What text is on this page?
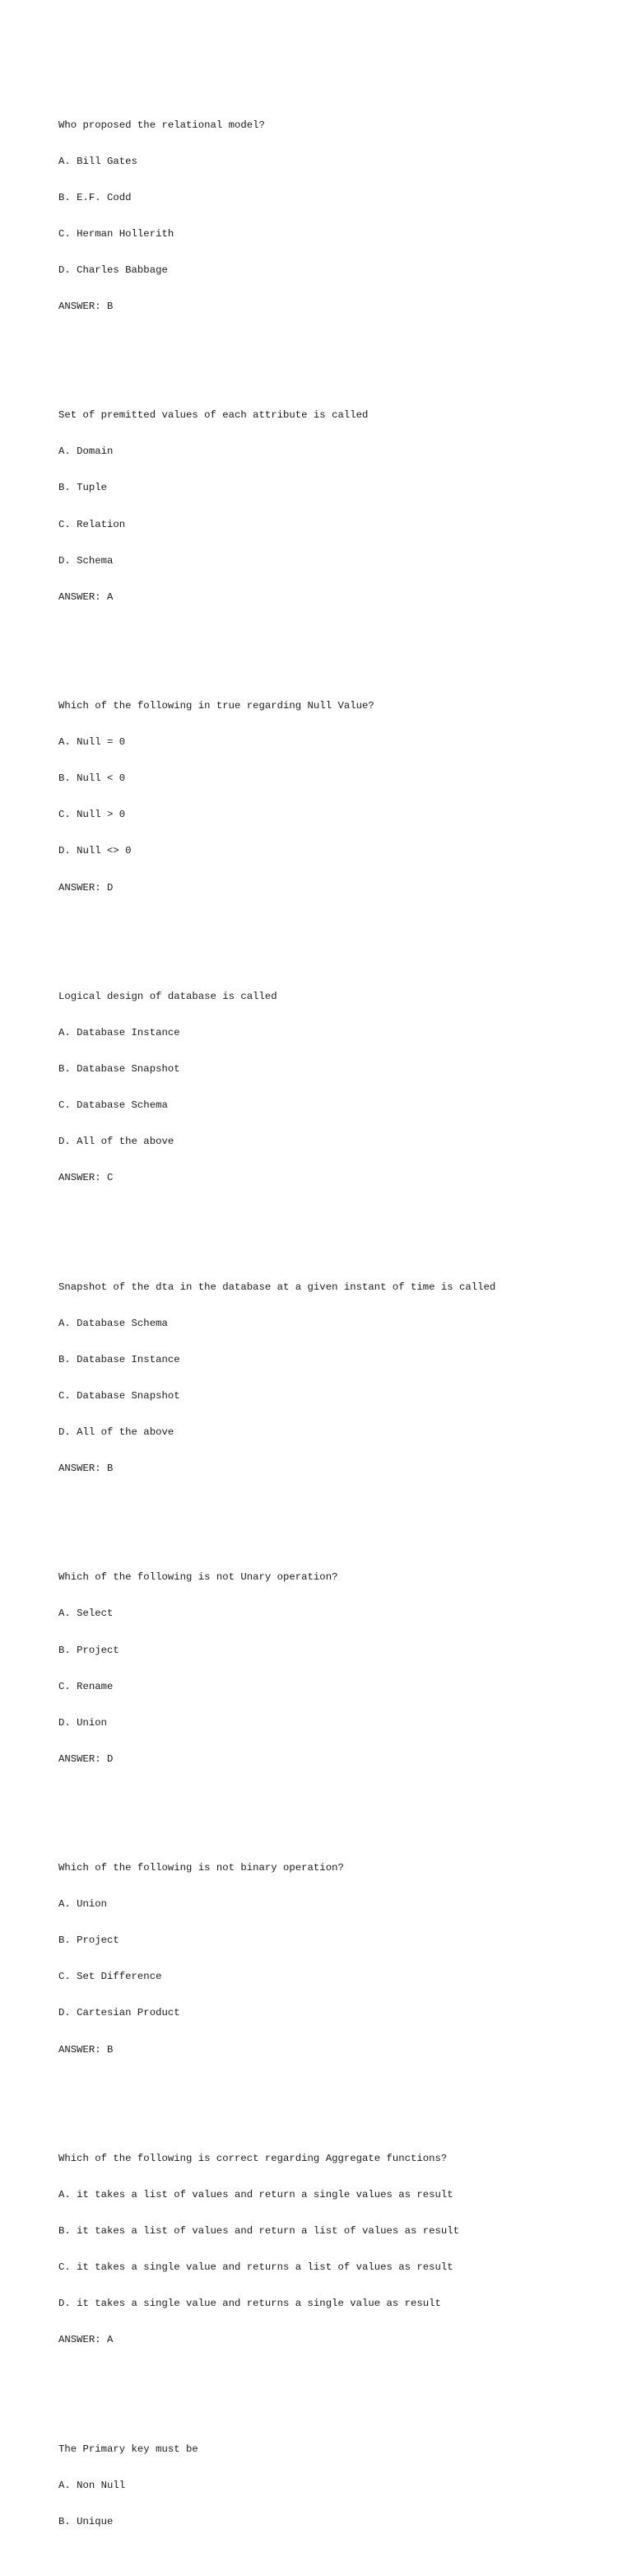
Who proposed the relational model?

A. Bill Gates

B. E.F. Codd

C. Herman Hollerith

D. Charles Babbage

ANSWER: B

Set of premitted values of each attribute is called

A. Domain

B. Tuple

C. Relation

D. Schema

ANSWER: A

Which of the following in true regarding Null Value?

A. Null = 0

B. Null < 0

C. Null > 0

D. Null <> 0

ANSWER: D

Logical design of database is called

A. Database Instance

B. Database Snapshot

C. Database Schema

D. All of the above

ANSWER: C

Snapshot of the dta in the database at a given instant of time is called

A. Database Schema

B. Database Instance

C. Database Snapshot

D. All of the above

ANSWER: B

Which of the following is not Unary operation?

A. Select

B. Project

C. Rename

D. Union

ANSWER: D

Which of the following is not binary operation?

A. Union

B. Project

C. Set Difference

D. Cartesian Product

ANSWER: B

Which of the following is correct regarding Aggregate functions?

A. it takes a list of values and return a single values as result

B. it takes a list of values and return a list of values as result

C. it takes a single value and returns a list of values as result

D. it takes a single value and returns a single value as result

ANSWER: A

The Primary key must be

A. Non Null

B. Unique
